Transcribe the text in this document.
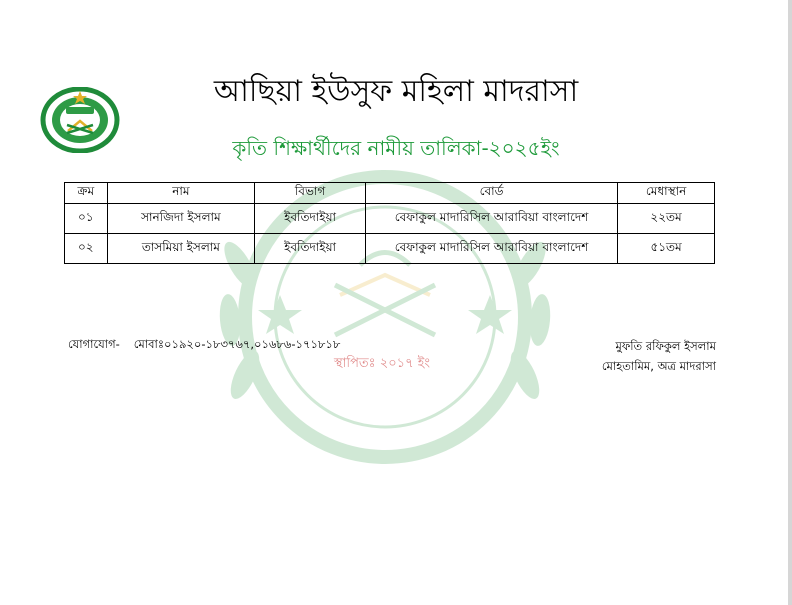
আছিয়া ইউসুফ মহিলা মাদরাসা
কৃতি শিক্ষার্থীদের নামীয় তালিকা-২০২৫ইং
ক্রম	নাম	বিভাগ	বোর্ড	মেধাস্থান
০১	সানজিদা ইসলাম	ইবতিদাইয়া	বেফাকুল মাদারিসিল আরাবিয়া বাংলাদেশ	২২তম
০২	তাসমিয়া ইসলাম	ইবতিদাইয়া	বেফাকুল মাদারিসিল আরাবিয়া বাংলাদেশ	৫১তম
যোগাযোগ- মোবাঃ০১৯২০-১৮৩৭৬৭,০১৬৮৬-১৭১৮১৮
স্থাপিতঃ ২০১৭ ইং
মুফতি রফিকুল ইসলাম
মোহতামিম, অত্র মাদরাসা
